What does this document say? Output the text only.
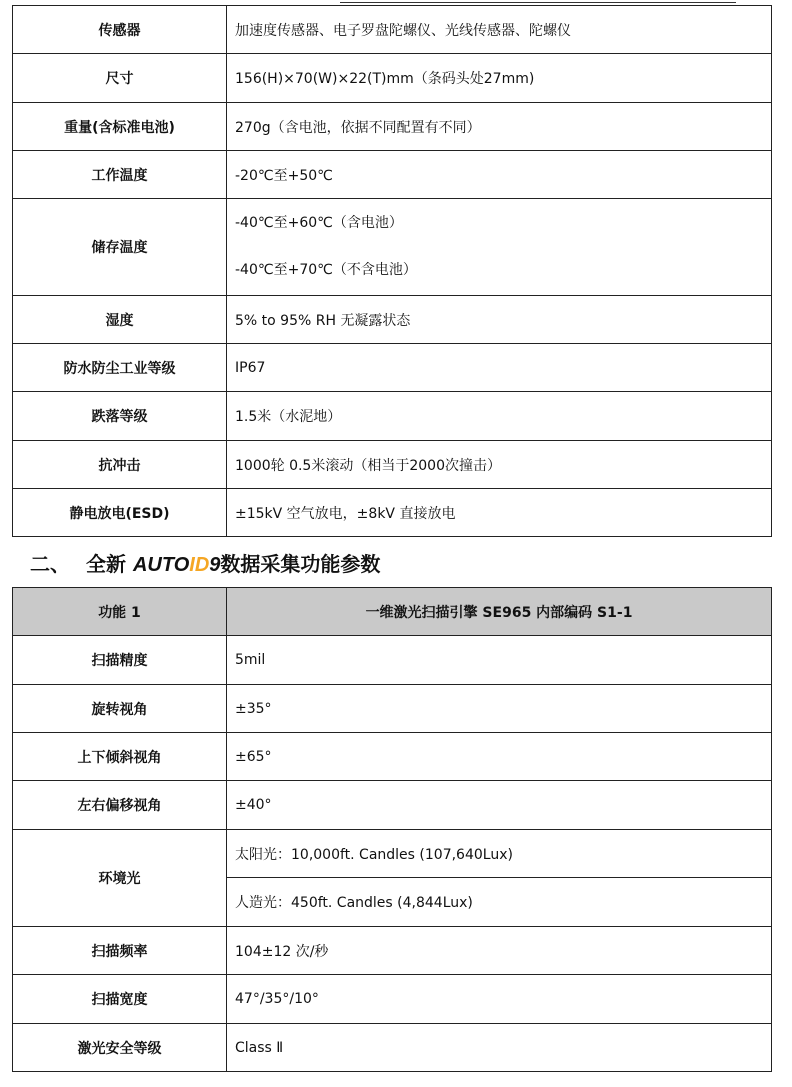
传感器	加速度传感器、电子罗盘陀螺仪、光线传感器、陀螺仪
尺寸	156(H)×70(W)×22(T)mm（条码头处27mm)
重量(含标准电池)	270g（含电池，依据不同配置有不同）
工作温度	-20℃至+50℃
储存温度	-40℃至+60℃（含电池）
-40℃至+70℃（不含电池）

湿度	5% to 95% RH 无凝露状态
防水防尘工业等级	IP67
跌落等级	1.5米（水泥地）
抗冲击	1000轮 0.5米滚动（相当于2000次撞击）
静电放电(ESD)	±15kV 空气放电，±8kV 直接放电
二、 全新 AUTOID9数据采集功能参数
功能 1	一维激光扫描引擎 SE965 内部编码 S1-1
扫描精度	5mil
旋转视角	±35°
上下倾斜视角	±65°
左右偏移视角	±40°
环境光	太阳光：10,000ft. Candles (107,640Lux)
	人造光：450ft. Candles (4,844Lux)
扫描频率	104±12 次/秒
扫描宽度	47°/35°/10°
激光安全等级	Class Ⅱ
